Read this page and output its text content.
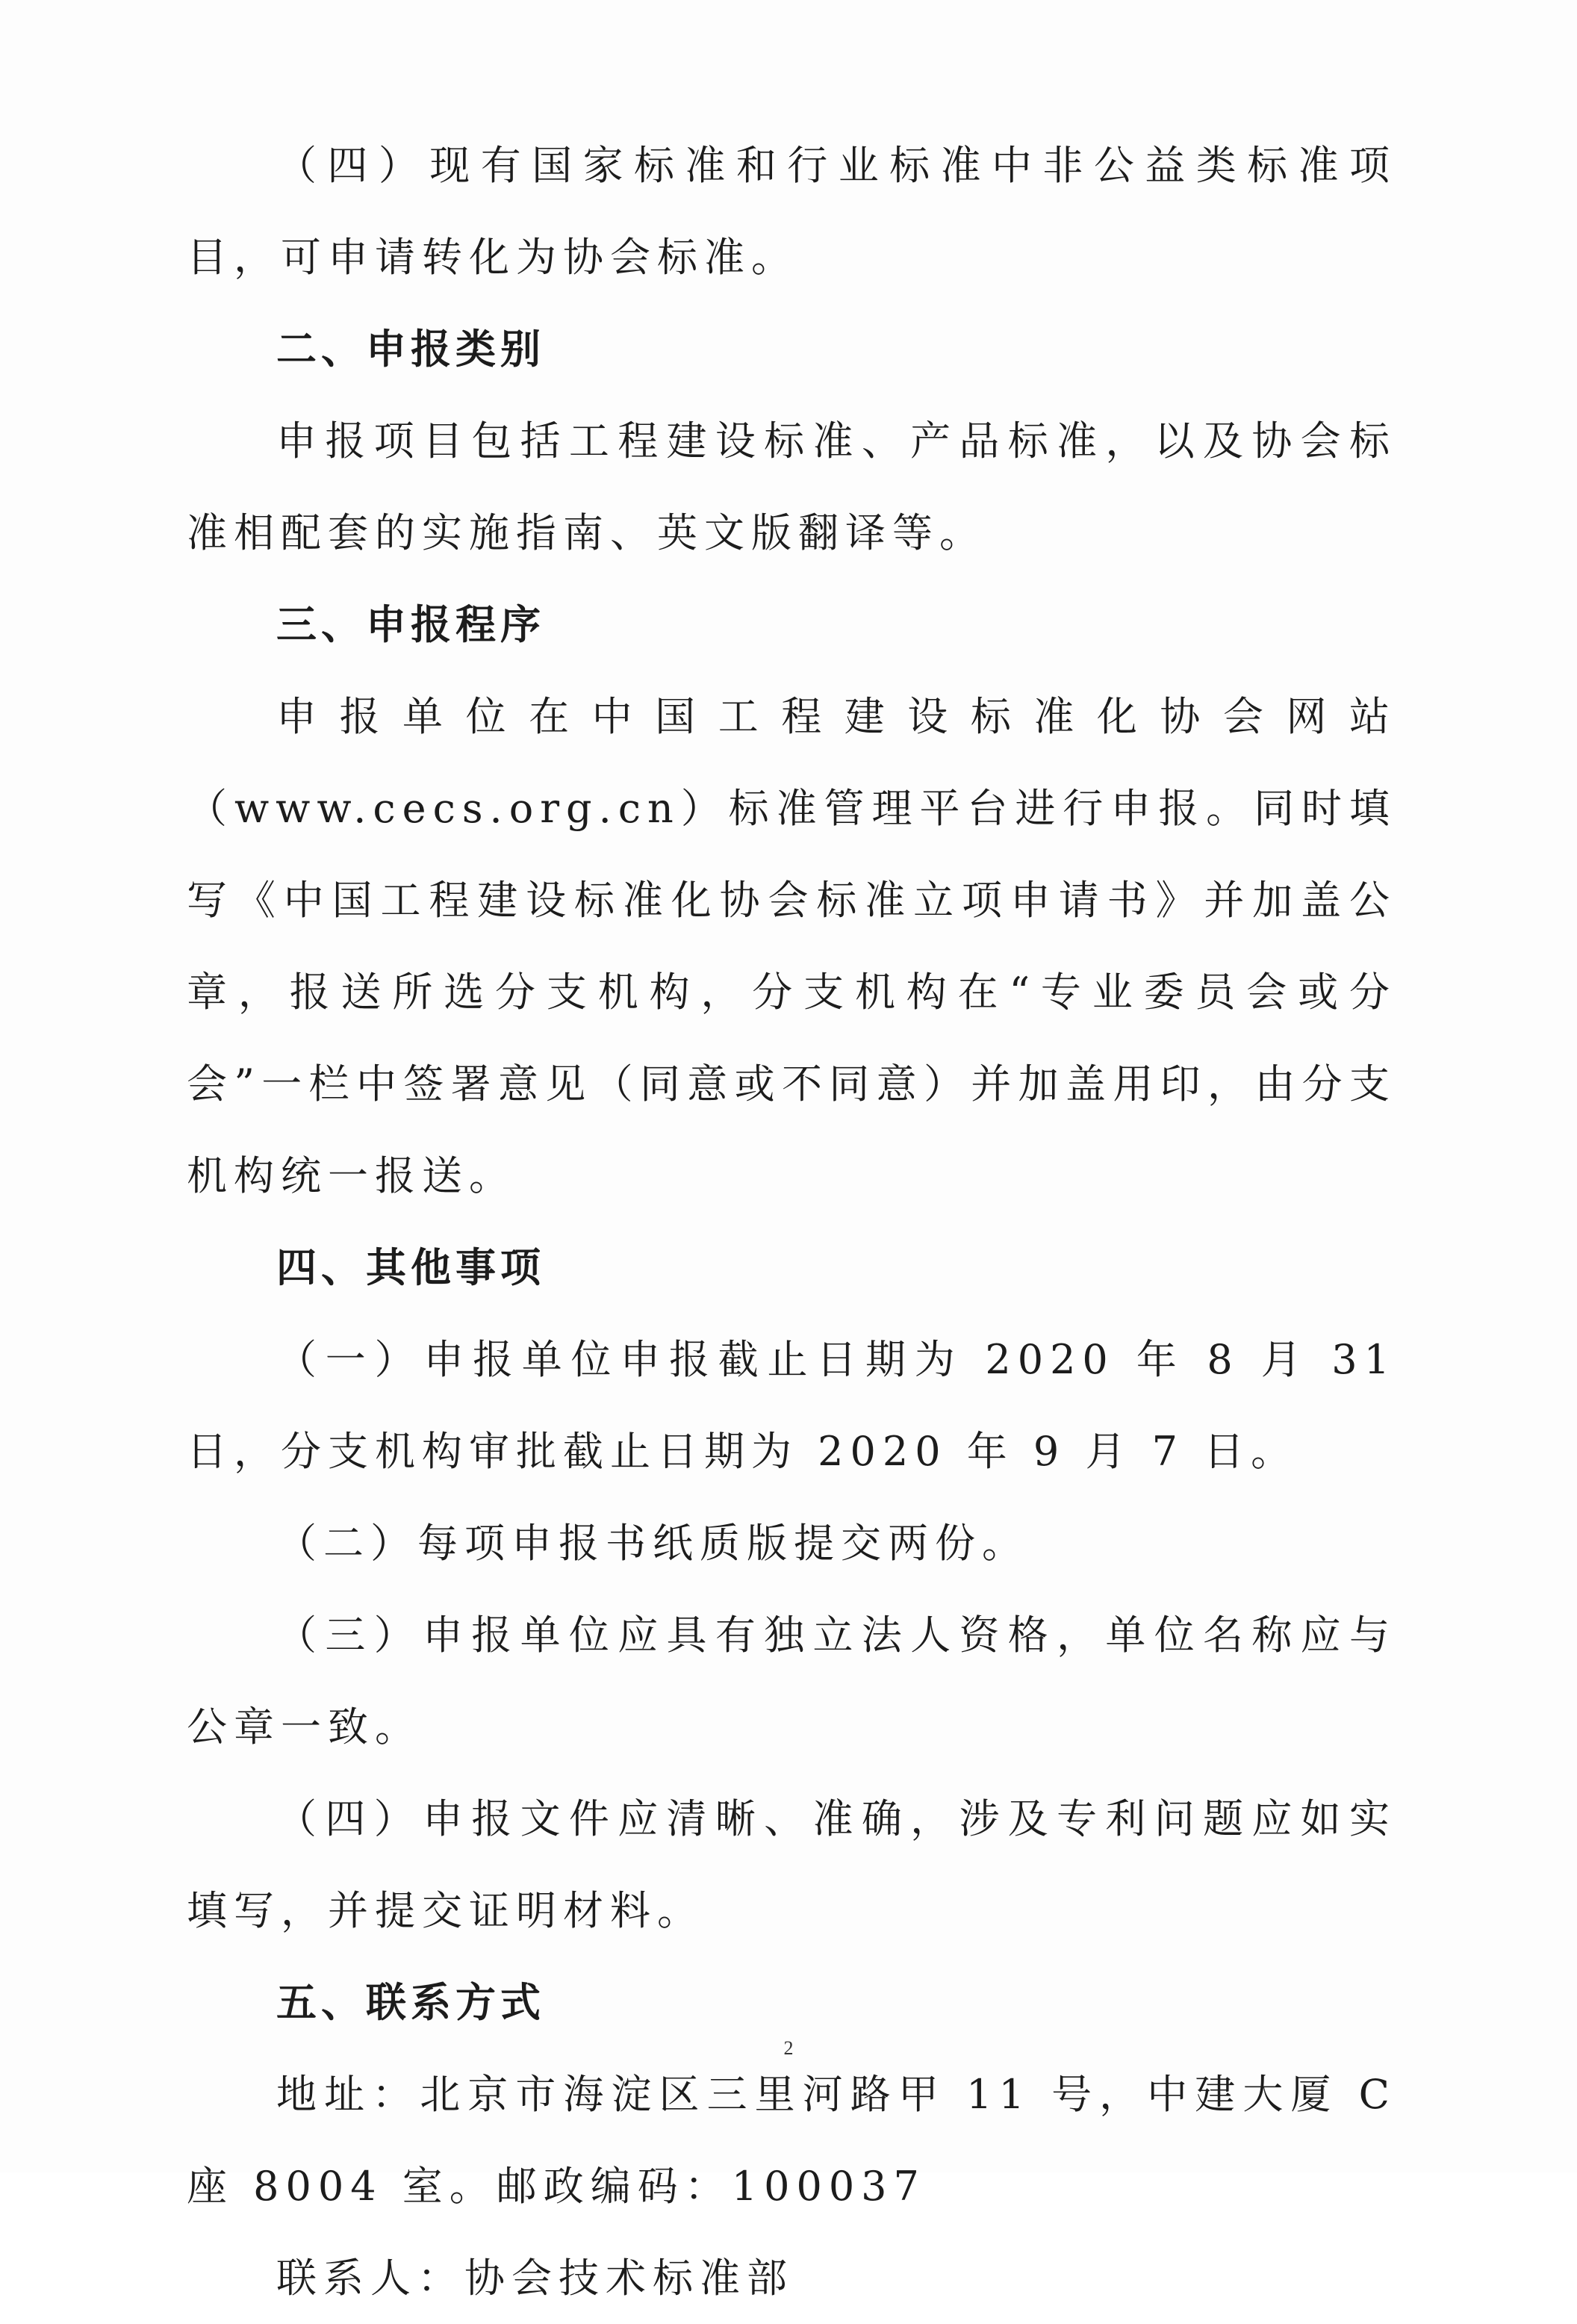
（四）现有国家标准和行业标准中非公益类标准项目，可申请转化为协会标准。

二、申报类别

申报项目包括工程建设标准、产品标准，以及协会标准相配套的实施指南、英文版翻译等。

三、申报程序

申报单位在中国工程建设标准化协会网站（www.cecs.org.cn）标准管理平台进行申报。同时填写《中国工程建设标准化协会标准立项申请书》并加盖公章，报送所选分支机构，分支机构在“专业委员会或分会”一栏中签署意见（同意或不同意）并加盖用印，由分支机构统一报送。

四、其他事项

（一）申报单位申报截止日期为 2020 年 8 月 31 日，分支机构审批截止日期为 2020 年 9 月 7 日。

（二）每项申报书纸质版提交两份。

（三）申报单位应具有独立法人资格，单位名称应与公章一致。

（四）申报文件应清晰、准确，涉及专利问题应如实填写，并提交证明材料。

五、联系方式

地址：北京市海淀区三里河路甲 11 号，中建大厦 C 座 8004 室。邮政编码：100037

联系人：协会技术标准部

2
